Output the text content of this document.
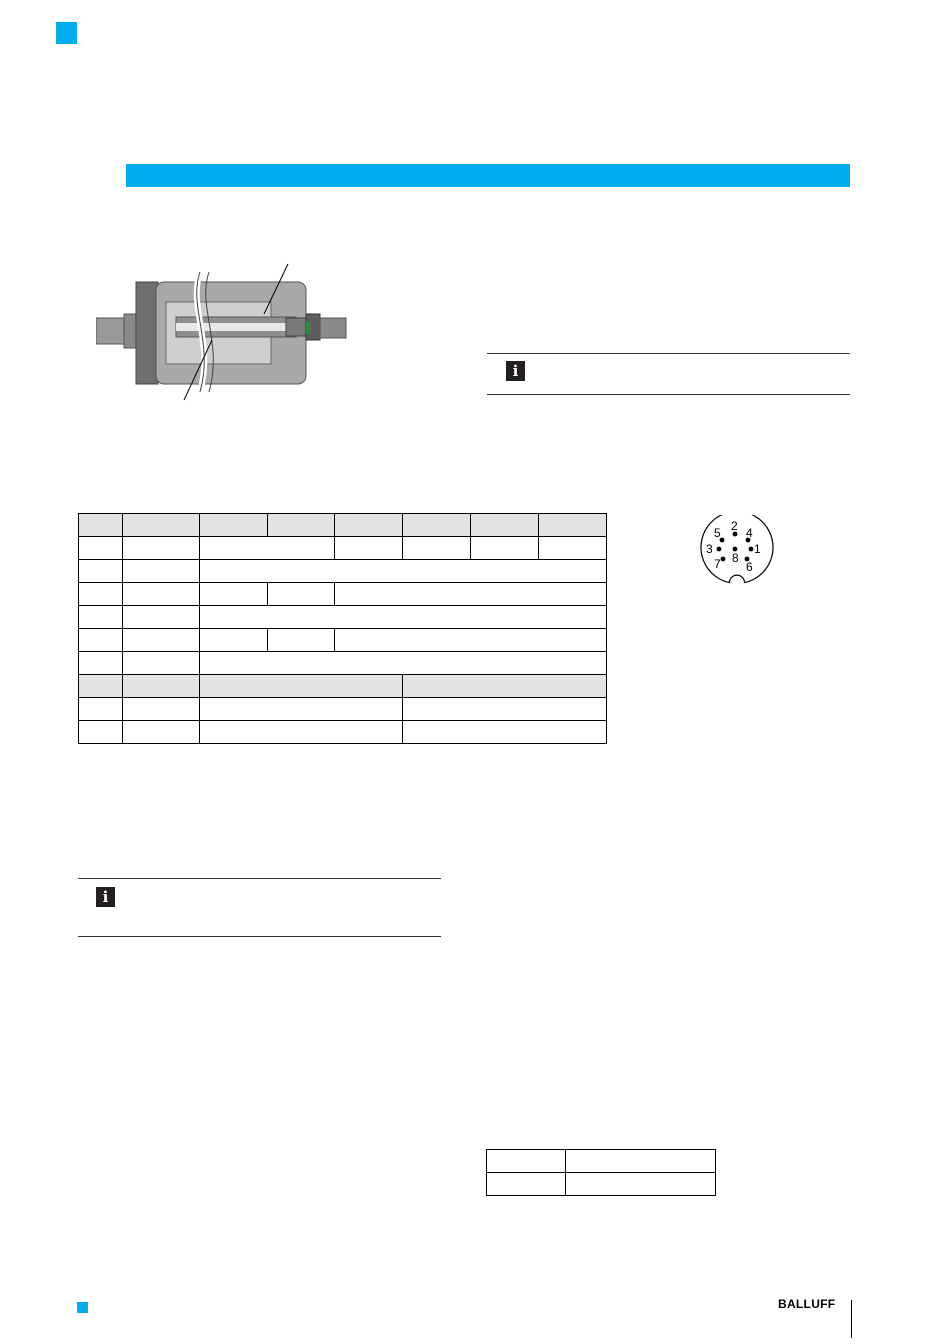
i

1
2
3
4
5
6
7 8
i

BALLUFF
